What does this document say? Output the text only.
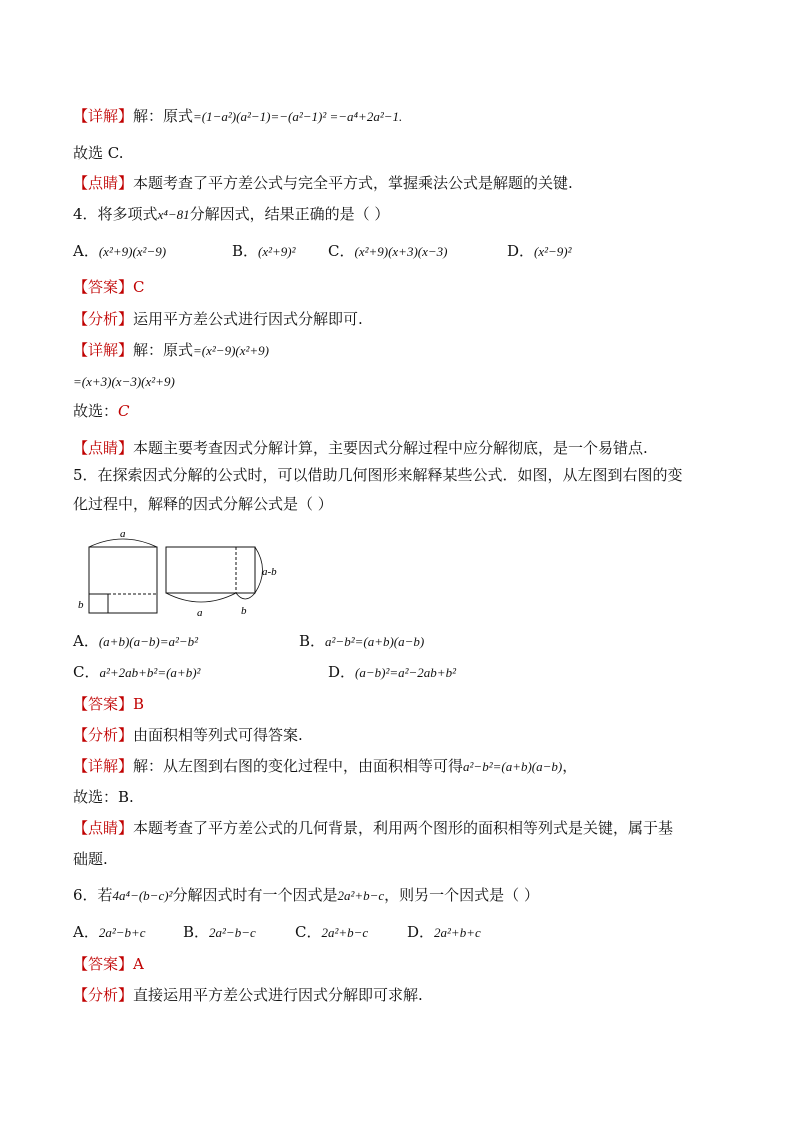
【详解】解：原式=(1−a²)(a²−1)=−(a²−1)² =−a⁴+2a²−1.
故选 C.
【点睛】本题考查了平方差公式与完全平方式，掌握乘法公式是解题的关键.
4．将多项式x⁴−81分解因式，结果正确的是（ ）
A．(x²+9)(x²−9)	B．(x²+9)² C．(x²+9)(x+3)(x−3)	D．(x²−9)²
【答案】C
【分析】运用平方差公式进行因式分解即可.
【详解】解：原式=(x²−9)(x²+9)
=(x+3)(x−3)(x²+9)
故选：C
【点睛】本题主要考查因式分解计算，主要因式分解过程中应分解彻底，是一个易错点.
5．在探索因式分解的公式时，可以借助几何图形来解释某些公式．如图，从左图到右图的变
化过程中，解释的因式分解公式是（ ）
a
b
a-b
a	b
A．(a+b)(a−b)=a²−b²	B．a²−b²=(a+b)(a−b)
C．a²+2ab+b²=(a+b)²	D．(a−b)²=a²−2ab+b²
【答案】B
【分析】由面积相等列式可得答案.
【详解】解：从左图到右图的变化过程中，由面积相等可得a²−b²=(a+b)(a−b)，
故选：B.
【点睛】本题考查了平方差公式的几何背景，利用两个图形的面积相等列式是关键，属于基
础题.
6．若4a⁴−(b−c)²分解因式时有一个因式是2a²+b−c，则另一个因式是（ ）
A．2a²−b+c B．2a²−b−c	C．2a²+b−c	D．2a²+b+c
【答案】A
【分析】直接运用平方差公式进行因式分解即可求解.
